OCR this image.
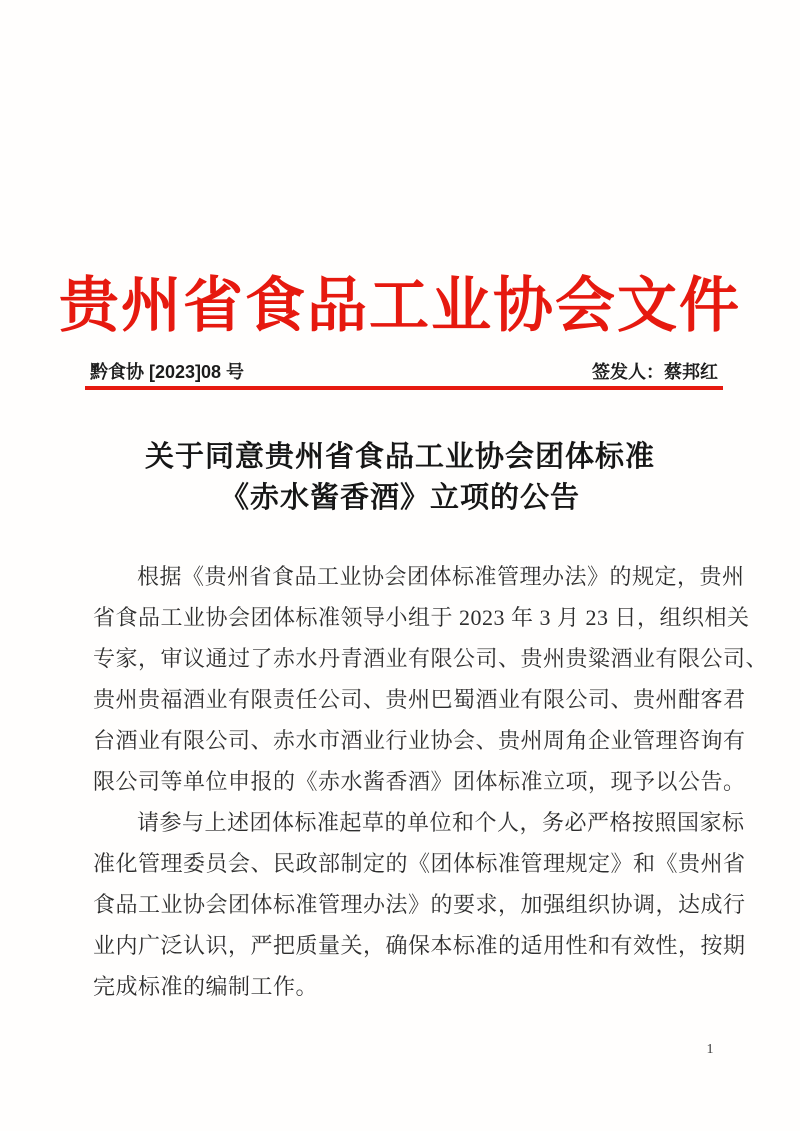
贵州省食品工业协会文件
黔食协 [2023]08 号	签发人：蔡邦红
关于同意贵州省食品工业协会团体标准
《赤水酱香酒》立项的公告
根据《贵州省食品工业协会团体标准管理办法》的规定，贵州
省食品工业协会团体标准领导小组于 2023 年 3 月 23 日，组织相关
专家，审议通过了赤水丹青酒业有限公司、贵州贵粱酒业有限公司、
贵州贵福酒业有限责任公司、贵州巴蜀酒业有限公司、贵州酣客君
台酒业有限公司、赤水市酒业行业协会、贵州周角企业管理咨询有
限公司等单位申报的《赤水酱香酒》团体标准立项，现予以公告。
请参与上述团体标准起草的单位和个人，务必严格按照国家标
准化管理委员会、民政部制定的《团体标准管理规定》和《贵州省
食品工业协会团体标准管理办法》的要求，加强组织协调，达成行
业内广泛认识，严把质量关，确保本标准的适用性和有效性，按期
完成标准的编制工作。
1
